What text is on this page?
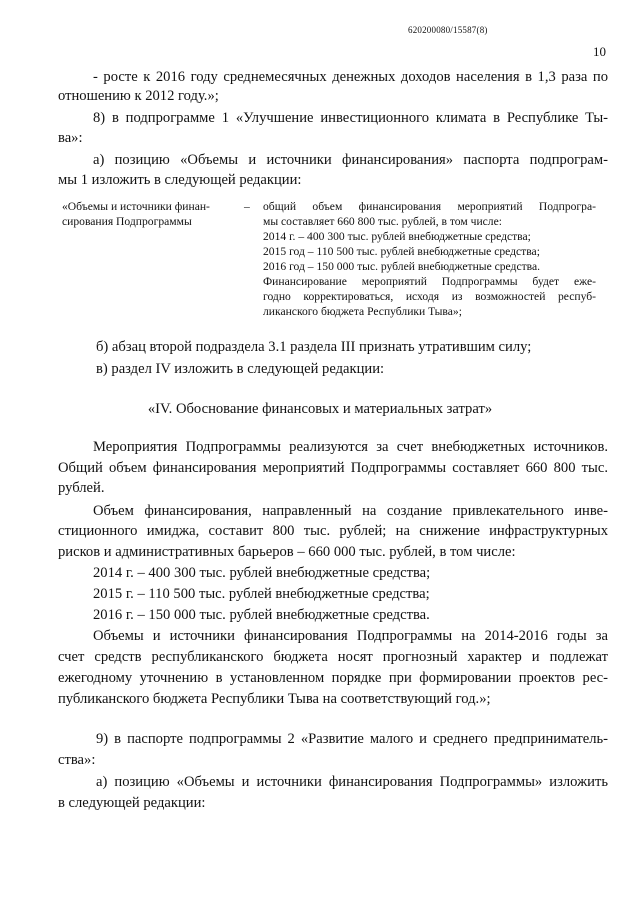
620200080/15587(8)
10
- росте к 2016 году среднемесячных денежных доходов населения в 1,3 раза по
отношению к 2012 году.»;
8) в подпрограмме 1 «Улучшение инвестиционного климата в Республике Ты-
ва»:
а) позицию «Объемы и источники финансирования» паспорта подпрограм-
мы 1 изложить в следующей редакции:
«Объемы и источники финан-
сирования Подпрограммы
– общий объем финансирования мероприятий Подпрогра-
мы составляет 660 800 тыс. рублей, в том числе:
2014 г. – 400 300 тыс. рублей внебюджетные средства;
2015 год – 110 500 тыс. рублей внебюджетные средства;
2016 год – 150 000 тыс. рублей внебюджетные средства.
Финансирование мероприятий Подпрограммы будет еже-
годно корректироваться, исходя из возможностей респуб-
ликанского бюджета Республики Тыва»;
б) абзац второй подраздела 3.1 раздела III признать утратившим силу;
в) раздел IV изложить в следующей редакции:
«IV. Обоснование финансовых и материальных затрат»
Мероприятия Подпрограммы реализуются за счет внебюджетных источников.
Общий объем финансирования мероприятий Подпрограммы составляет 660 800 тыс.
рублей.
Объем финансирования, направленный на создание привлекательного инве-
стиционного имиджа, составит 800 тыс. рублей; на снижение инфраструктурных
рисков и административных барьеров – 660 000 тыс. рублей, в том числе:
2014 г. – 400 300 тыс. рублей внебюджетные средства;
2015 г. – 110 500 тыс. рублей внебюджетные средства;
2016 г. – 150 000 тыс. рублей внебюджетные средства.
Объемы и источники финансирования Подпрограммы на 2014-2016 годы за
счет средств республиканского бюджета носят прогнозный характер и подлежат
ежегодному уточнению в установленном порядке при формировании проектов рес-
публиканского бюджета Республики Тыва на соответствующий год.»;
9) в паспорте подпрограммы 2 «Развитие малого и среднего предприниматель-
ства»:
а) позицию «Объемы и источники финансирования Подпрограммы» изложить
в следующей редакции:
